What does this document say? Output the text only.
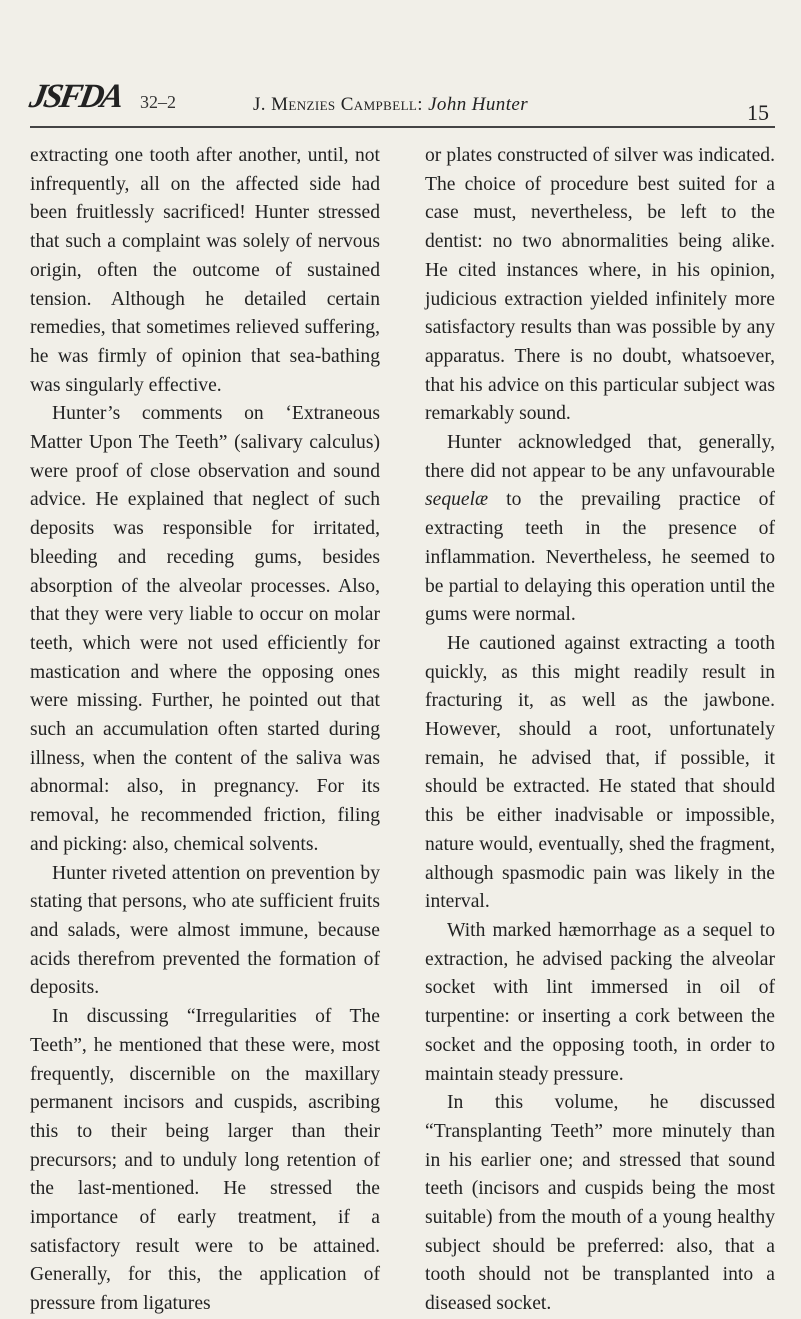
JSFDA 32–2	J. Menzies Campbell: John Hunter	15

extracting one tooth after another, until, not infrequently, all on the affected side had been fruitlessly sacrificed! Hunter stressed that such a complaint was solely of nervous origin, often the outcome of sustained tension. Although he detailed certain remedies, that sometimes relieved suffering, he was firmly of opinion that sea-bathing was singularly effective.

Hunter’s comments on ‘Extraneous Matter Upon The Teeth” (salivary calculus) were proof of close observation and sound advice. He explained that neglect of such deposits was responsible for irritated, bleeding and receding gums, besides absorption of the alveolar processes. Also, that they were very liable to occur on molar teeth, which were not used efficiently for mastication and where the opposing ones were missing. Further, he pointed out that such an accumulation often started during illness, when the content of the saliva was abnormal: also, in pregnancy. For its removal, he recommended friction, filing and picking: also, chemical solvents.

Hunter riveted attention on prevention by stating that persons, who ate sufficient fruits and salads, were almost immune, because acids therefrom prevented the formation of deposits.

In discussing “Irregularities of The Teeth”, he mentioned that these were, most frequently, discernible on the maxillary permanent incisors and cuspids, ascribing this to their being larger than their precursors; and to unduly long retention of the last-mentioned. He stressed the importance of early treatment, if a satisfactory result were to be attained. Generally, for this, the application of pressure from ligatures

or plates constructed of silver was indicated. The choice of procedure best suited for a case must, nevertheless, be left to the dentist: no two abnormalities being alike. He cited instances where, in his opinion, judicious extraction yielded infinitely more satisfactory results than was possible by any apparatus. There is no doubt, whatsoever, that his advice on this particular subject was remarkably sound.

Hunter acknowledged that, generally, there did not appear to be any unfavourable sequelæ to the prevailing practice of extracting teeth in the presence of inflammation. Nevertheless, he seemed to be partial to delaying this operation until the gums were normal.

He cautioned against extracting a tooth quickly, as this might readily result in fracturing it, as well as the jawbone. However, should a root, unfortunately remain, he advised that, if possible, it should be extracted. He stated that should this be either inadvisable or impossible, nature would, eventually, shed the fragment, although spasmodic pain was likely in the interval.

With marked hæmorrhage as a sequel to extraction, he advised packing the alveolar socket with lint immersed in oil of turpentine: or inserting a cork between the socket and the opposing tooth, in order to maintain steady pressure.

In this volume, he discussed “Transplanting Teeth” more minutely than in his earlier one; and stressed that sound teeth (incisors and cuspids being the most suitable) from the mouth of a young healthy subject should be preferred: also, that a tooth should not be transplanted into a diseased socket.
